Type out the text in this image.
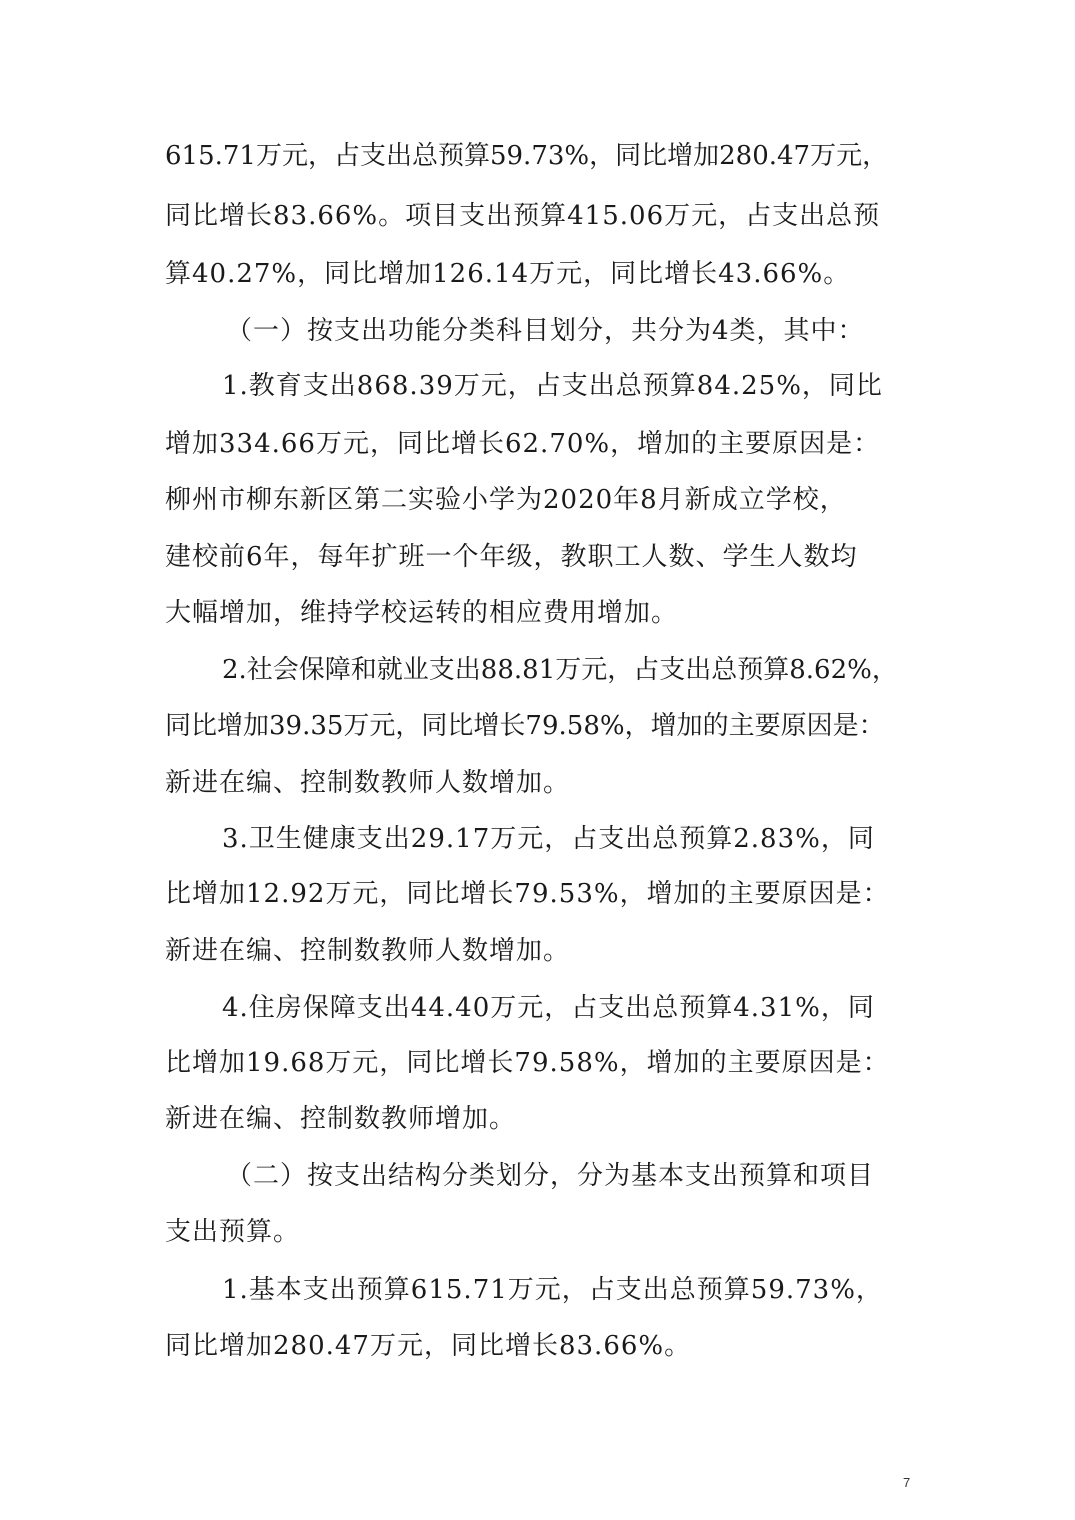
615.71万元，占支出总预算59.73%，同比增加280.47万元，
同比增长83.66%。项目支出预算415.06万元，占支出总预
算40.27%，同比增加126.14万元，同比增长43.66%。
（一）按支出功能分类科目划分，共分为4类，其中：
1.教育支出868.39万元，占支出总预算84.25%，同比
增加334.66万元，同比增长62.70%，增加的主要原因是：
柳州市柳东新区第二实验小学为2020年8月新成立学校，
建校前6年，每年扩班一个年级，教职工人数、学生人数均
大幅增加，维持学校运转的相应费用增加。
2.社会保障和就业支出88.81万元，占支出总预算8.62%，
同比增加39.35万元，同比增长79.58%，增加的主要原因是：
新进在编、控制数教师人数增加。
3.卫生健康支出29.17万元，占支出总预算2.83%，同
比增加12.92万元，同比增长79.53%，增加的主要原因是：
新进在编、控制数教师人数增加。
4.住房保障支出44.40万元，占支出总预算4.31%，同
比增加19.68万元，同比增长79.58%，增加的主要原因是：
新进在编、控制数教师增加。
（二）按支出结构分类划分，分为基本支出预算和项目
支出预算。
1.基本支出预算615.71万元，占支出总预算59.73%，
同比增加280.47万元，同比增长83.66%。
7
